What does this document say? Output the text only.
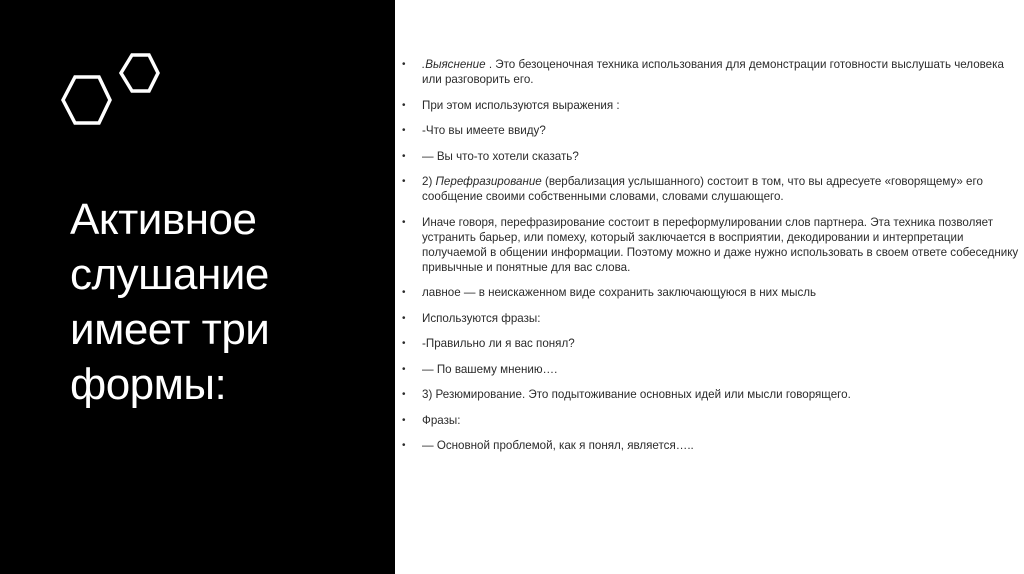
Активное
слушание
имеет три
формы:
• .Выяснение . Это безоценочная техника использования для демонстрации готовности выслушать человека или разговорить его.
• При этом используются выражения :
• -Что вы имеете ввиду?
• — Вы что-то хотели сказать?
• 2) Перефразирование (вербализация услышанного) состоит в том, что вы адресуете «говорящему» его сообщение своими собственными словами, словами слушающего.
• Иначе говоря, перефразирование состоит в переформулировании слов партнера. Эта техника позволяет устранить барьер, или помеху, который заключается в восприятии, декодировании и интерпретации получаемой в общении информации. Поэтому можно и даже нужно использовать в своем ответе собеседнику привычные и понятные для вас слова.
• лавное — в неискаженном виде сохранить заключающуюся в них мысль
• Используются фразы:
• -Правильно ли я вас понял?
• — По вашему мнению….
• 3) Резюмирование. Это подытоживание основных идей или мысли говорящего.
• Фразы:
• — Основной проблемой, как я понял, является…..
